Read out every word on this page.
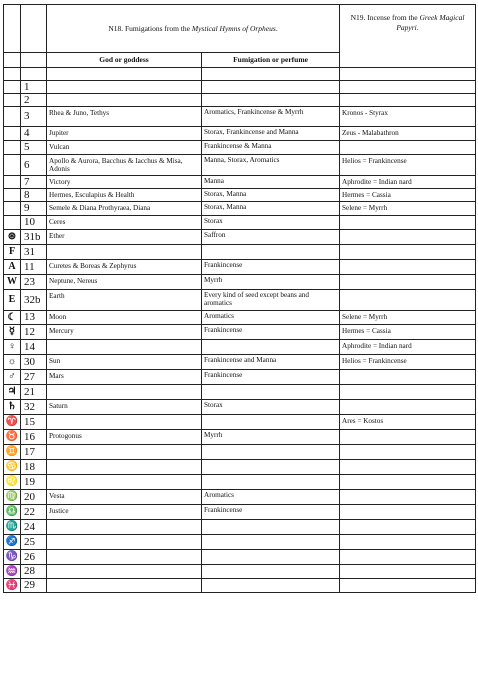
		N18. Fumigations from the Mystical Hymns of Orpheus.		N19. Incense from the Greek Magical Papyri.
		God or goddess	Fumigation or perfume	

	1			
	2			
	3	Rhea & Juno, Tethys	Aromatics, Frankincense & Myrrh	Kronos - Styrax
	4	Jupiter	Storax, Frankincense and Manna	Zeus - Malabathron
	5	Vulcan	Frankincense & Manna	
	6	Apollo & Aurora, Bacchus & Iacchus & Misa, Adonis	Manna, Storax, Aromatics	Helios = Frankincense
	7	Victory	Manna	Aphrodite = Indian nard
	8	Hermes, Esculapius & Health	Storax, Manna	Hermes = Cassia
	9	Semele & Diana Prothyraea, Diana	Storax, Manna	Selene = Myrrh
	10	Ceres	Storax	
⊛	31b	Ether	Saffron	
F	31			
A	11	Curetes & Boreas & Zephyrus	Frankincense	
W	23	Neptune, Nereus	Myrrh	
E	32b	Earth	Every kind of seed except beans and aromatics	
☾	13	Moon	Aromatics	Selene = Myrrh
☿	12	Mercury	Frankincense	Hermes = Cassia
♀	14			Aphrodite = Indian nard
☼	30	Sun	Frankincense and Manna	Helios = Frankincense
♂	27	Mars	Frankincense	
♃	21			
♄	32	Saturn	Storax	
♈	15			Ares = Kostos
♉	16	Protogonus	Myrrh	
♊	17			
♋	18			
♌	19			
♍	20	Vesta	Aromatics	
♎	22	Justice	Frankincense	
♏	24			
♐	25			
♑	26			
♒	28			
♓	29			
